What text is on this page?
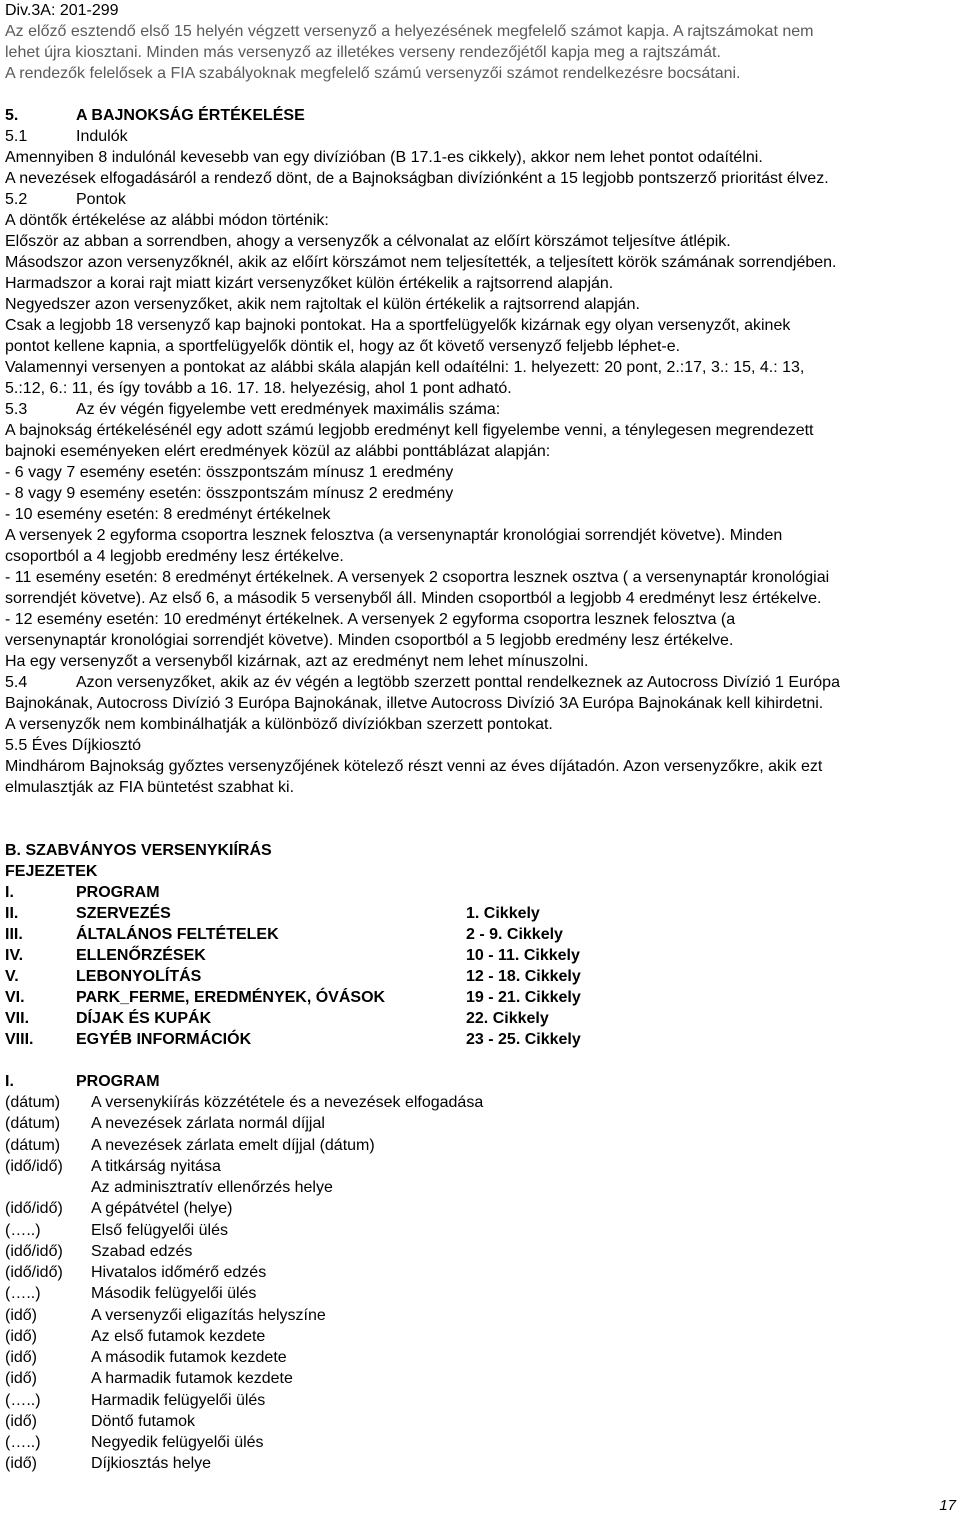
Div.3A: 201-299
Az előző esztendő első 15 helyén végzett versenyző a helyezésének megfelelő számot kapja. A rajtszámokat nem
lehet újra kiosztani. Minden más versenyző az illetékes verseny rendezőjétől kapja meg a rajtszámát.
A rendezők felelősek a FIA szabályoknak megfelelő számú versenyzői számot rendelkezésre bocsátani.
5.	A BAJNOKSÁG ÉRTÉKELÉSE
5.1	Indulók
Amennyiben 8 indulónál kevesebb van egy divízióban (B 17.1-es cikkely), akkor nem lehet pontot odaítélni.
A nevezések elfogadásáról a rendező dönt, de a Bajnokságban divíziónként a 15 legjobb pontszerző prioritást élvez.
5.2	Pontok
A döntők értékelése az alábbi módon történik:
Először az abban a sorrendben, ahogy a versenyzők a célvonalat az előírt körszámot teljesítve átlépik.
Másodszor azon versenyzőknél, akik az előírt körszámot nem teljesítették, a teljesített körök számának sorrendjében.
Harmadszor a korai rajt miatt kizárt versenyzőket külön értékelik a rajtsorrend alapján.
Negyedszer azon versenyzőket, akik nem rajtoltak el külön értékelik a rajtsorrend alapján.
Csak a legjobb 18 versenyző kap bajnoki pontokat. Ha a sportfelügyelők kizárnak egy olyan versenyzőt, akinek
pontot kellene kapnia, a sportfelügyelők döntik el, hogy az őt követő versenyző feljebb léphet-e.
Valamennyi versenyen a pontokat az alábbi skála alapján kell odaítélni: 1. helyezett: 20 pont, 2.:17, 3.: 15, 4.: 13,
5.:12, 6.: 11, és így tovább a 16. 17. 18. helyezésig, ahol 1 pont adható.
5.3	Az év végén figyelembe vett eredmények maximális száma:
A bajnokság értékelésénél egy adott számú legjobb eredményt kell figyelembe venni, a ténylegesen megrendezett
bajnoki eseményeken elért eredmények közül az alábbi ponttáblázat alapján:
- 6 vagy 7 esemény esetén: összpontszám mínusz 1 eredmény
- 8 vagy 9 esemény esetén: összpontszám mínusz 2 eredmény
- 10 esemény esetén: 8 eredményt értékelnek
A versenyek 2 egyforma csoportra lesznek felosztva (a versenynaptár kronológiai sorrendjét követve). Minden
csoportból a 4 legjobb eredmény lesz értékelve.
- 11 esemény esetén: 8 eredményt értékelnek. A versenyek 2 csoportra lesznek osztva ( a versenynaptár kronológiai
sorrendjét követve). Az első 6, a második 5 versenyből áll. Minden csoportból a legjobb 4 eredményt lesz értékelve.
- 12 esemény esetén: 10 eredményt értékelnek. A versenyek 2 egyforma csoportra lesznek felosztva (a
versenynaptár kronológiai sorrendjét követve). Minden csoportból a 5 legjobb eredmény lesz értékelve.
Ha egy versenyzőt a versenyből kizárnak, azt az eredményt nem lehet mínuszolni.
5.4	Azon versenyzőket, akik az év végén a legtöbb szerzett ponttal rendelkeznek az Autocross Divízió 1 Európa
Bajnokának, Autocross Divízió 3 Európa Bajnokának, illetve Autocross Divízió 3A Európa Bajnokának kell kihirdetni.
A versenyzők nem kombinálhatják a különböző divíziókban szerzett pontokat.
5.5 Éves Díjkiosztó
Mindhárom Bajnokság győztes versenyzőjének kötelező részt venni az éves díjátadón. Azon versenyzőkre, akik ezt
elmulasztják az FIA büntetést szabhat ki.
B. SZABVÁNYOS VERSENYKIÍRÁS
FEJEZETEK
I.	PROGRAM
II.	SZERVEZÉS	1. Cikkely
III.	ÁLTALÁNOS FELTÉTELEK	2 - 9. Cikkely
IV.	ELLENŐRZÉSEK	10 - 11. Cikkely
V.	LEBONYOLÍTÁS	12 - 18. Cikkely
VI.	PARK_FERME, EREDMÉNYEK, ÓVÁSOK	19 - 21. Cikkely
VII.	DÍJAK ÉS KUPÁK	22. Cikkely
VIII.	EGYÉB INFORMÁCIÓK	23 - 25. Cikkely
I.	PROGRAM
(dátum) A versenykiírás közzététele és a nevezések elfogadása
(dátum) A nevezések zárlata normál díjjal
(dátum) A nevezések zárlata emelt díjjal (dátum)
(idő/idő) A titkárság nyitása
Az adminisztratív ellenőrzés helye
(idő/idő) A gépátvétel (helye)
(…..)	Első felügyelői ülés
(idő/idő) Szabad edzés
(idő/idő) Hivatalos időmérő edzés
(…..)	Második felügyelői ülés
(idő)	A versenyzői eligazítás helyszíne
(idő)	Az első futamok kezdete
(idő)	A második futamok kezdete
(idő)	A harmadik futamok kezdete
(…..)	Harmadik felügyelői ülés
(idő)	Döntő futamok
(…..)	Negyedik felügyelői ülés
(idő)	Díjkiosztás helye
17
